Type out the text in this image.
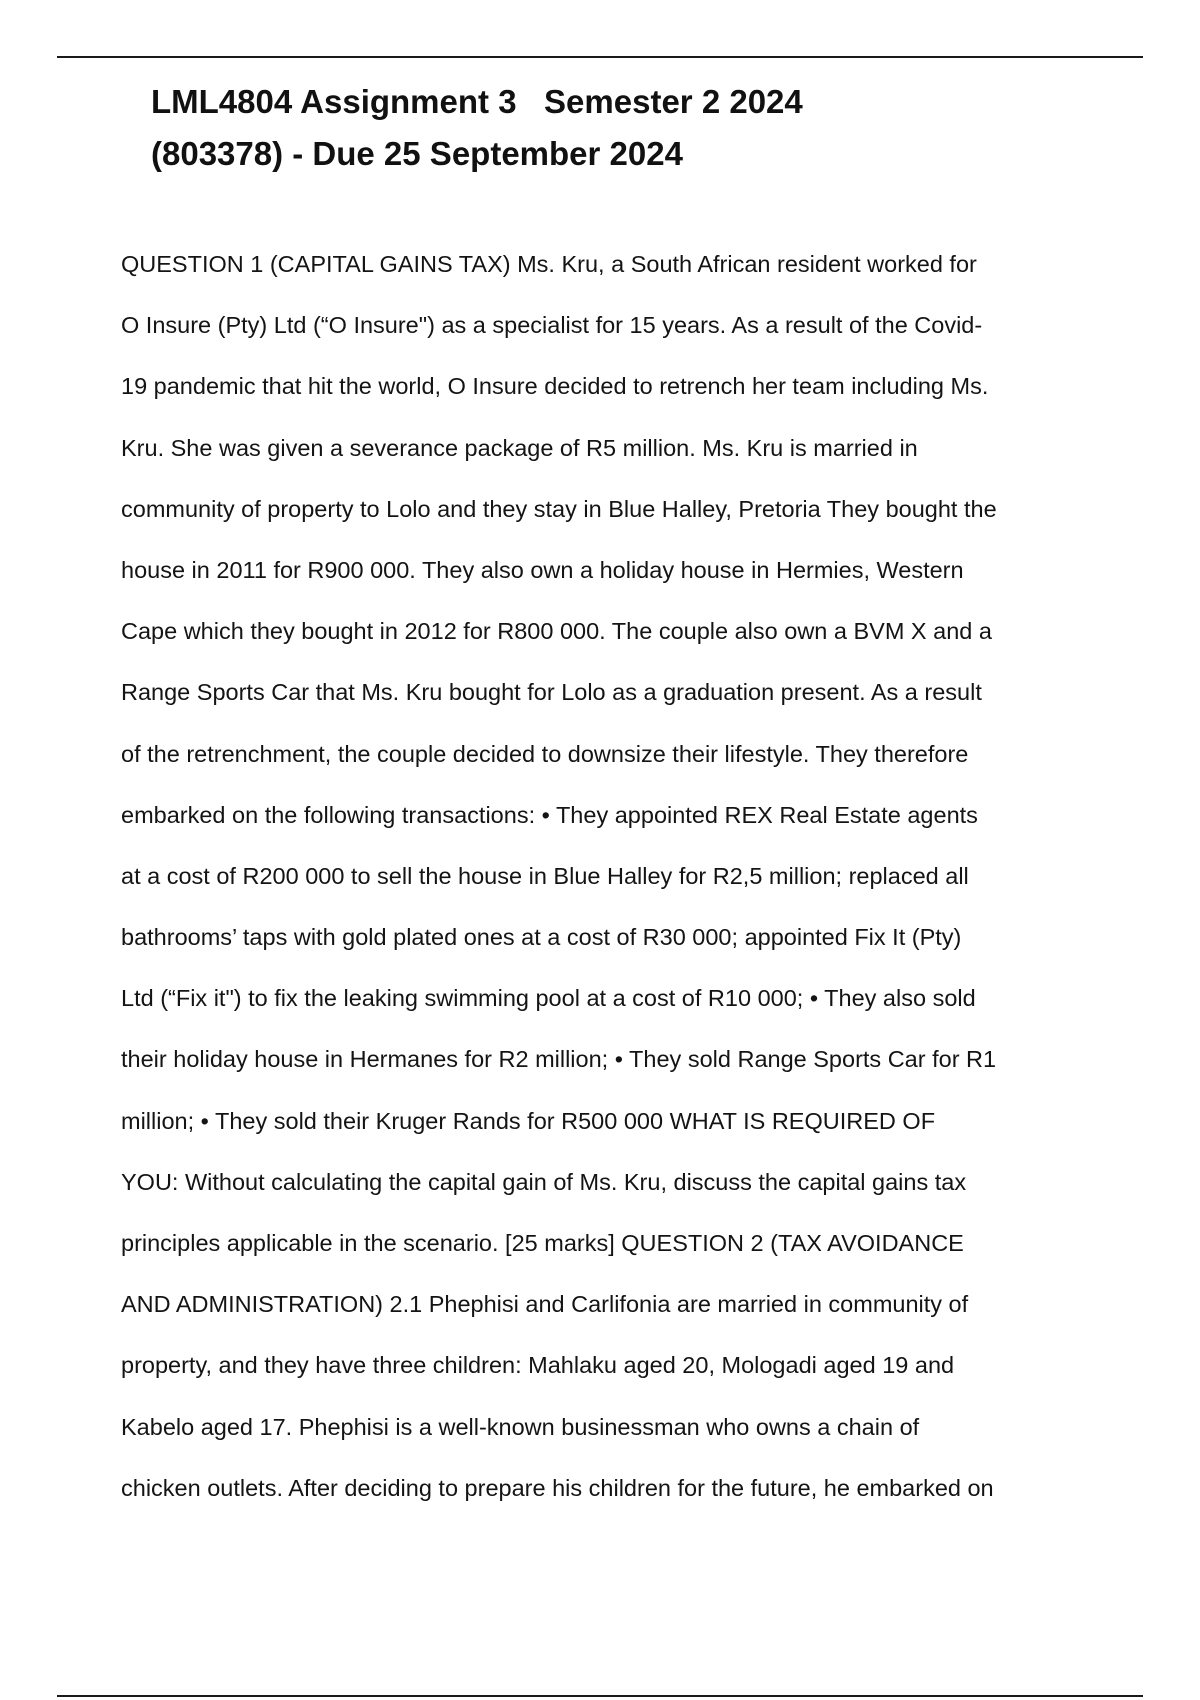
LML4804 Assignment 3   Semester 2 2024
(803378) - Due 25 September 2024
QUESTION 1 (CAPITAL GAINS TAX) Ms. Kru, a South African resident worked for
O Insure (Pty) Ltd (“O Insure") as a specialist for 15 years. As a result of the Covid-
19 pandemic that hit the world, O Insure decided to retrench her team including Ms.
Kru. She was given a severance package of R5 million. Ms. Kru is married in
community of property to Lolo and they stay in Blue Halley, Pretoria They bought the
house in 2011 for R900 000. They also own a holiday house in Hermies, Western
Cape which they bought in 2012 for R800 000. The couple also own a BVM X and a
Range Sports Car that Ms. Kru bought for Lolo as a graduation present. As a result
of the retrenchment, the couple decided to downsize their lifestyle. They therefore
embarked on the following transactions: • They appointed REX Real Estate agents
at a cost of R200 000 to sell the house in Blue Halley for R2,5 million; replaced all
bathrooms’ taps with gold plated ones at a cost of R30 000; appointed Fix It (Pty)
Ltd (“Fix it") to fix the leaking swimming pool at a cost of R10 000; • They also sold
their holiday house in Hermanes for R2 million; • They sold Range Sports Car for R1
million; • They sold their Kruger Rands for R500 000 WHAT IS REQUIRED OF
YOU: Without calculating the capital gain of Ms. Kru, discuss the capital gains tax
principles applicable in the scenario. [25 marks] QUESTION 2 (TAX AVOIDANCE
AND ADMINISTRATION) 2.1 Phephisi and Carlifonia are married in community of
property, and they have three children: Mahlaku aged 20, Mologadi aged 19 and
Kabelo aged 17. Phephisi is a well-known businessman who owns a chain of
chicken outlets. After deciding to prepare his children for the future, he embarked on
